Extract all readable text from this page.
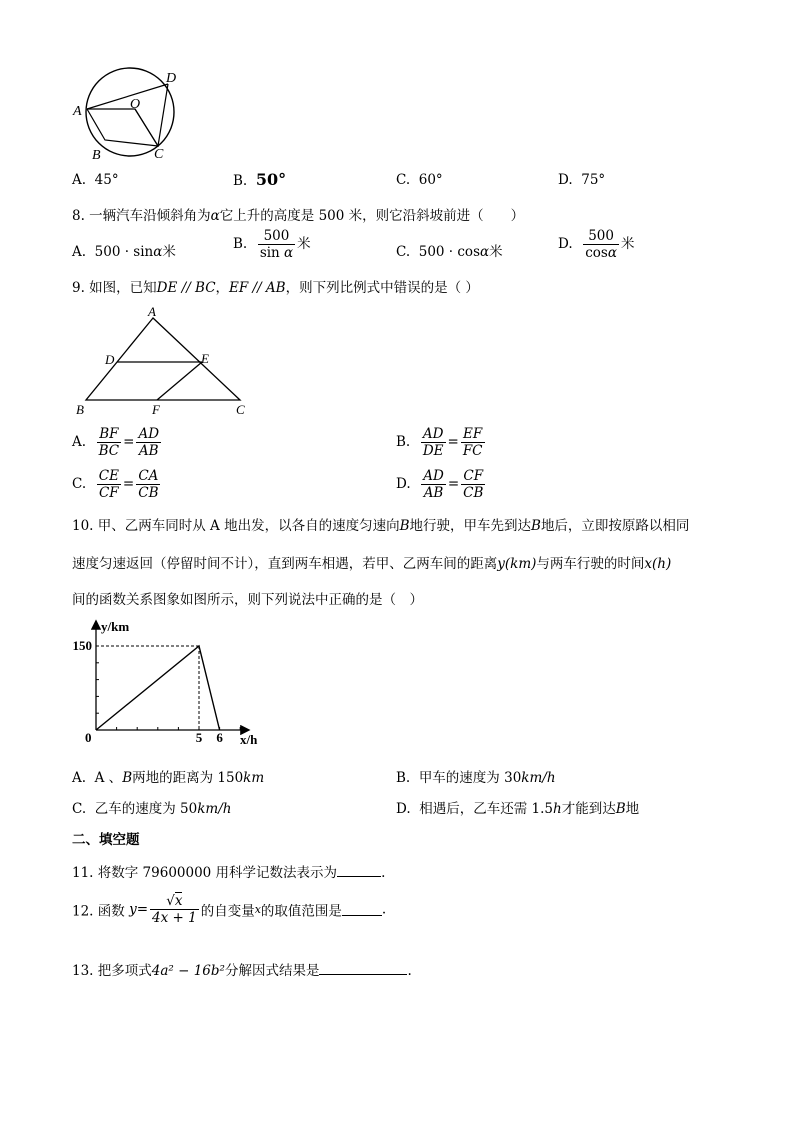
A
B	C
D
O
A. 45°	B. 50°	C. 60°	D. 75°
8. 一辆汽车沿倾斜角为α它上升的高度是 500 米，则它沿斜坡前进（　　）
A. 500 · sinα米	B. $\frac{500}{\text{sin α}}$ 米	C. 500 · cosα米	D. $\frac{500}{\cos\alpha}$ 米
9. 如图，已知DE // BC，EF // AB，则下列比例式中错误的是（ ）
A
D	E
B	F	C
A. $\frac{BF}{BC} = \frac{AD}{AB}$	B. $\frac{AD}{DE} = \frac{EF}{FC}$
C. $\frac{CE}{CF} = \frac{CA}{CB}$	D. $\frac{AD}{AB} = \frac{CF}{CB}$
10. 甲、乙两车同时从 A 地出发，以各自的速度匀速向B地行驶，甲车先到达B地后，立即按原路以相同
速度匀速返回（停留时间不计），直到两车相遇，若甲、乙两车间的距离y(km)与两车行驶的时间x(h)
间的函数关系图象如图所示，则下列说法中正确的是（　）
y/km
x/h
0	5 6
150
A. A 、B两地的距离为 150km	B. 甲车的速度为 30km/h
C. 乙车的速度为 50km/h	D. 相遇后，乙车还需 1.5h才能到达B地
二、填空题
11. 将数字 79600000 用科学记数法表示为	.
12. 函数 $y= \frac{√x}{4x + 1}$ 的自变量x的取值范围是	.
13. 把多项式4a² − 16b²分解因式结果是	.
